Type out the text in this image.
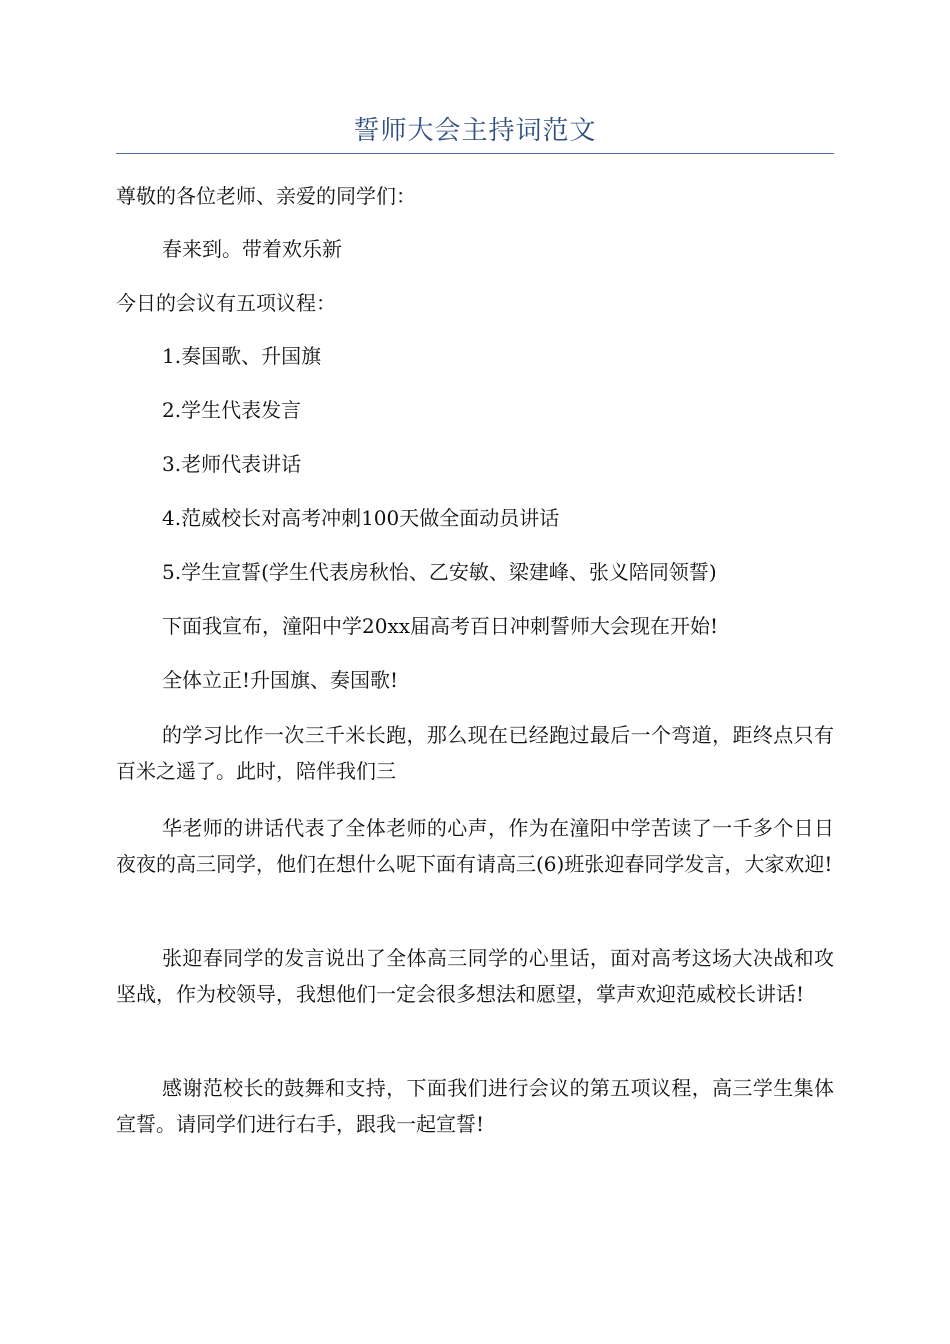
誓师大会主持词范文

尊敬的各位老师、亲爱的同学们：

春来到。带着欢乐新

今日的会议有五项议程：

1.奏国歌、升国旗

2.学生代表发言

3.老师代表讲话

4.范威校长对高考冲刺100天做全面动员讲话

5.学生宣誓(学生代表房秋怡、乙安敏、梁建峰、张义陪同领誓)

下面我宣布，潼阳中学20xx届高考百日冲刺誓师大会现在开始!

全体立正!升国旗、奏国歌!

的学习比作一次三千米长跑，那么现在已经跑过最后一个弯道，距终点只有百米之遥了。此时，陪伴我们三

华老师的讲话代表了全体老师的心声，作为在潼阳中学苦读了一千多个日日夜夜的高三同学，他们在想什么呢下面有请高三(6)班张迎春同学发言，大家欢迎!

张迎春同学的发言说出了全体高三同学的心里话，面对高考这场大决战和攻坚战，作为校领导，我想他们一定会很多想法和愿望，掌声欢迎范威校长讲话!

感谢范校长的鼓舞和支持，下面我们进行会议的第五项议程，高三学生集体宣誓。请同学们进行右手，跟我一起宣誓!
